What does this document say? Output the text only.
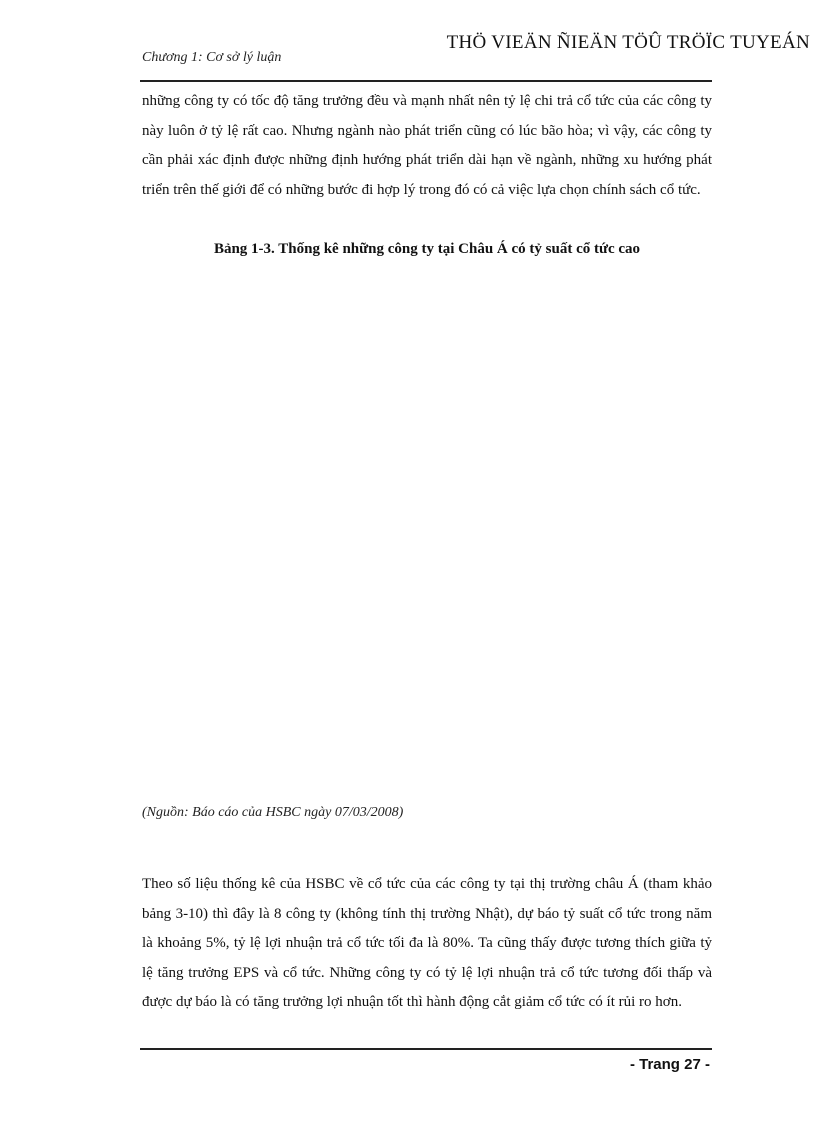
THÖ VIEÄN ÑIEÄN TÖÛ TRÖÏC TUYEÁN
Chương 1: Cơ sở lý luận

những công ty có tốc độ tăng trưởng đều và mạnh nhất nên tỷ lệ chi trả cổ tức của các công ty này luôn ở tỷ lệ rất cao. Nhưng ngành nào phát triển cũng có lúc bão hòa; vì vậy, các công ty cần phải xác định được những định hướng phát triển dài hạn về ngành, những xu hướng phát triển trên thế giới để có những bước đi hợp lý trong đó có cả việc lựa chọn chính sách cổ tức.

Bảng 1-3. Thống kê những công ty tại Châu Á có tỷ suất cổ tức cao
(Nguồn: Báo cáo của HSBC ngày 07/03/2008)

Theo số liệu thống kê của HSBC về cổ tức của các công ty tại thị trường châu Á (tham khảo bảng 3-10) thì đây là 8 công ty (không tính thị trường Nhật), dự báo tỷ suất cổ tức trong năm là khoảng 5%, tỷ lệ lợi nhuận trả cổ tức tối đa là 80%. Ta cũng thấy được tương thích giữa tỷ lệ tăng trưởng EPS và cổ tức. Những công ty có tỷ lệ lợi nhuận trả cổ tức tương đối thấp và được dự báo là có tăng trưởng lợi nhuận tốt thì hành động cắt giảm cổ tức có ít rủi ro hơn.

- Trang 27 -
